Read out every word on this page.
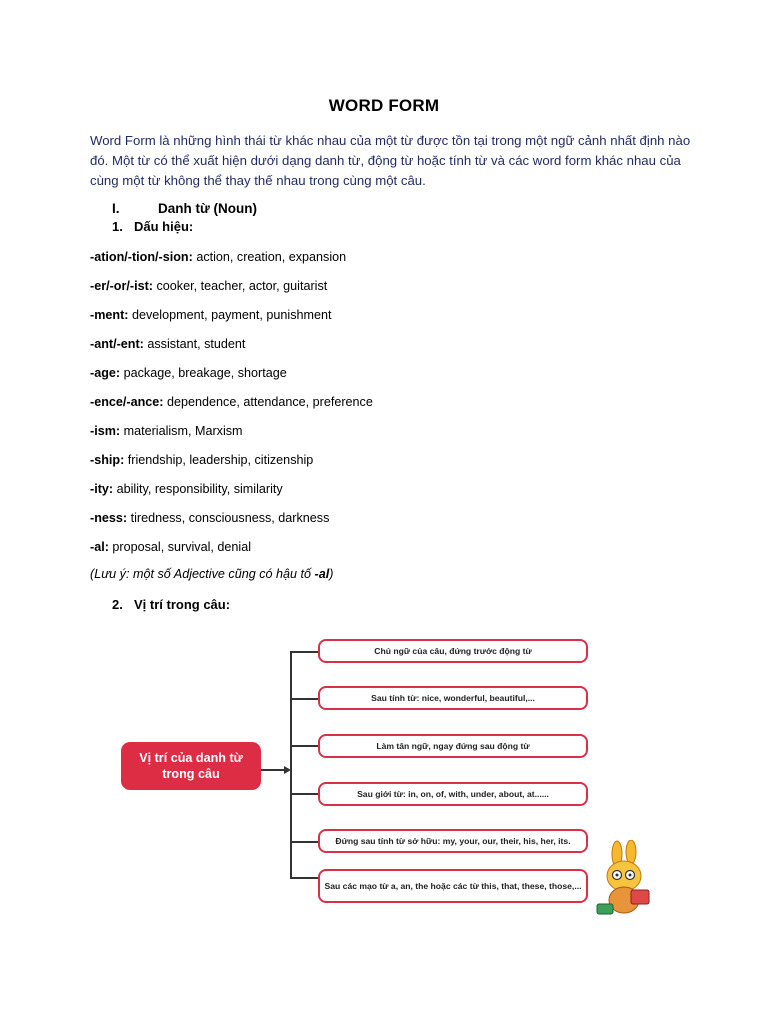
WORD FORM
Word Form là những hình thái từ khác nhau của một từ được tồn tại trong một ngữ cảnh nhất định nào đó. Một từ có thể xuất hiện dưới dạng danh từ, động từ hoặc tính từ và các word form khác nhau của cùng một từ không thể thay thế nhau trong cùng một câu.
I.	Danh từ (Noun)
1. Dấu hiệu:
-ation/-tion/-sion: action, creation, expansion
-er/-or/-ist: cooker, teacher, actor, guitarist
-ment: development, payment, punishment
-ant/-ent: assistant, student
-age: package, breakage, shortage
-ence/-ance: dependence, attendance, preference
-ism: materialism, Marxism
-ship: friendship, leadership, citizenship
-ity: ability, responsibility, similarity
-ness: tiredness, consciousness, darkness
-al: proposal, survival, denial
(Lưu ý: một số Adjective cũng có hậu tố -al)
2. Vị trí trong câu:
Vị trí của danh từ trong câu
Chủ ngữ của câu, đứng trước động từ
Sau tính từ: nice, wonderful, beautiful,...
Làm tân ngữ, ngay đứng sau động từ
Sau giới từ: in, on, of, with, under, about, at......
Đứng sau tính từ sở hữu: my, your, our, their, his, her, its.
Sau các mạo từ a, an, the hoặc các từ this, that, these, those,...
